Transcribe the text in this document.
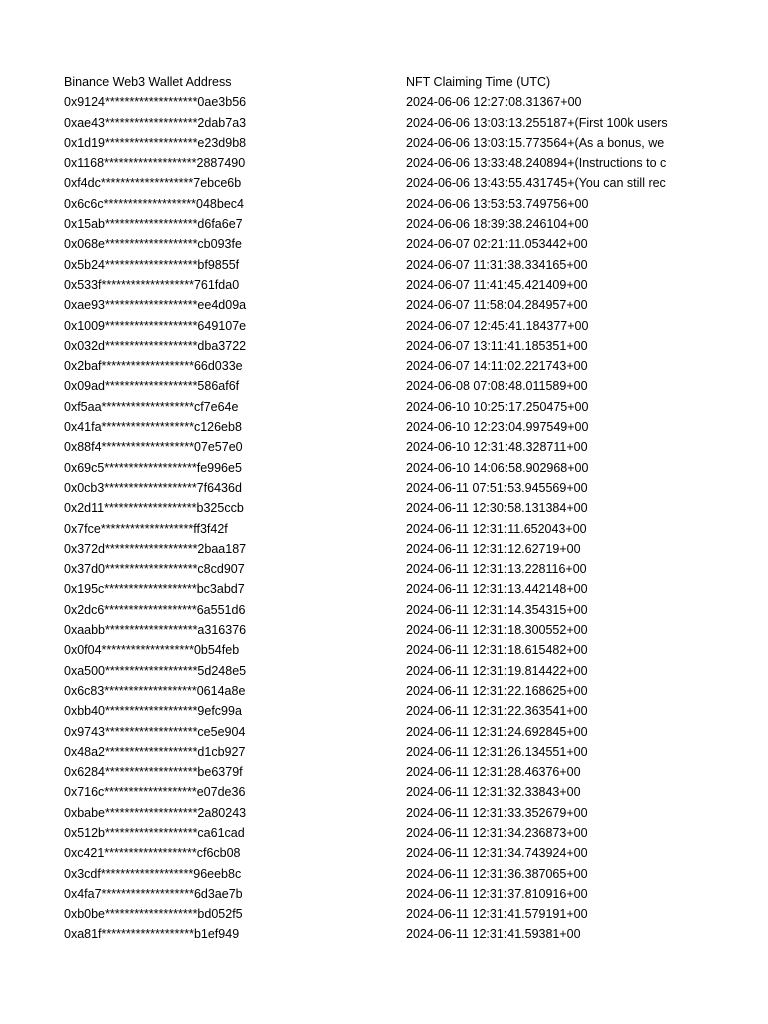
Binance Web3 Wallet Address	NFT Claiming Time (UTC)
0x9124*******************0ae3b56	2024-06-06 12:27:08.31367+00
0xae43*******************2dab7a3	2024-06-06 13:03:13.255187+(First 100k users
0x1d19*******************e23d9b8	2024-06-06 13:03:15.773564+(As a bonus, we
0x1168*******************2887490	2024-06-06 13:33:48.240894+(Instructions to c
0xf4dc*******************7ebce6b	2024-06-06 13:43:55.431745+(You can still rec
0x6c6c*******************048bec4	2024-06-06 13:53:53.749756+00
0x15ab*******************d6fa6e7	2024-06-06 18:39:38.246104+00
0x068e*******************cb093fe	2024-06-07 02:21:11.053442+00
0x5b24*******************bf9855f	2024-06-07 11:31:38.334165+00
0x533f*******************761fda0	2024-06-07 11:41:45.421409+00
0xae93*******************ee4d09a	2024-06-07 11:58:04.284957+00
0x1009*******************649107e	2024-06-07 12:45:41.184377+00
0x032d*******************dba3722	2024-06-07 13:11:41.185351+00
0x2baf*******************66d033e	2024-06-07 14:11:02.221743+00
0x09ad*******************586af6f	2024-06-08 07:08:48.011589+00
0xf5aa*******************cf7e64e	2024-06-10 10:25:17.250475+00
0x41fa*******************c126eb8	2024-06-10 12:23:04.997549+00
0x88f4*******************07e57e0	2024-06-10 12:31:48.328711+00
0x69c5*******************fe996e5	2024-06-10 14:06:58.902968+00
0x0cb3*******************7f6436d	2024-06-11 07:51:53.945569+00
0x2d11*******************b325ccb	2024-06-11 12:30:58.131384+00
0x7fce*******************ff3f42f	2024-06-11 12:31:11.652043+00
0x372d*******************2baa187	2024-06-11 12:31:12.62719+00
0x37d0*******************c8cd907	2024-06-11 12:31:13.228116+00
0x195c*******************bc3abd7	2024-06-11 12:31:13.442148+00
0x2dc6*******************6a551d6	2024-06-11 12:31:14.354315+00
0xaabb*******************a316376	2024-06-11 12:31:18.300552+00
0x0f04*******************0b54feb	2024-06-11 12:31:18.615482+00
0xa500*******************5d248e5	2024-06-11 12:31:19.814422+00
0x6c83*******************0614a8e	2024-06-11 12:31:22.168625+00
0xbb40*******************9efc99a	2024-06-11 12:31:22.363541+00
0x9743*******************ce5e904	2024-06-11 12:31:24.692845+00
0x48a2*******************d1cb927	2024-06-11 12:31:26.134551+00
0x6284*******************be6379f	2024-06-11 12:31:28.46376+00
0x716c*******************e07de36	2024-06-11 12:31:32.33843+00
0xbabe*******************2a80243	2024-06-11 12:31:33.352679+00
0x512b*******************ca61cad	2024-06-11 12:31:34.236873+00
0xc421*******************cf6cb08	2024-06-11 12:31:34.743924+00
0x3cdf*******************96eeb8c	2024-06-11 12:31:36.387065+00
0x4fa7*******************6d3ae7b	2024-06-11 12:31:37.810916+00
0xb0be*******************bd052f5	2024-06-11 12:31:41.579191+00
0xa81f*******************b1ef949	2024-06-11 12:31:41.59381+00
